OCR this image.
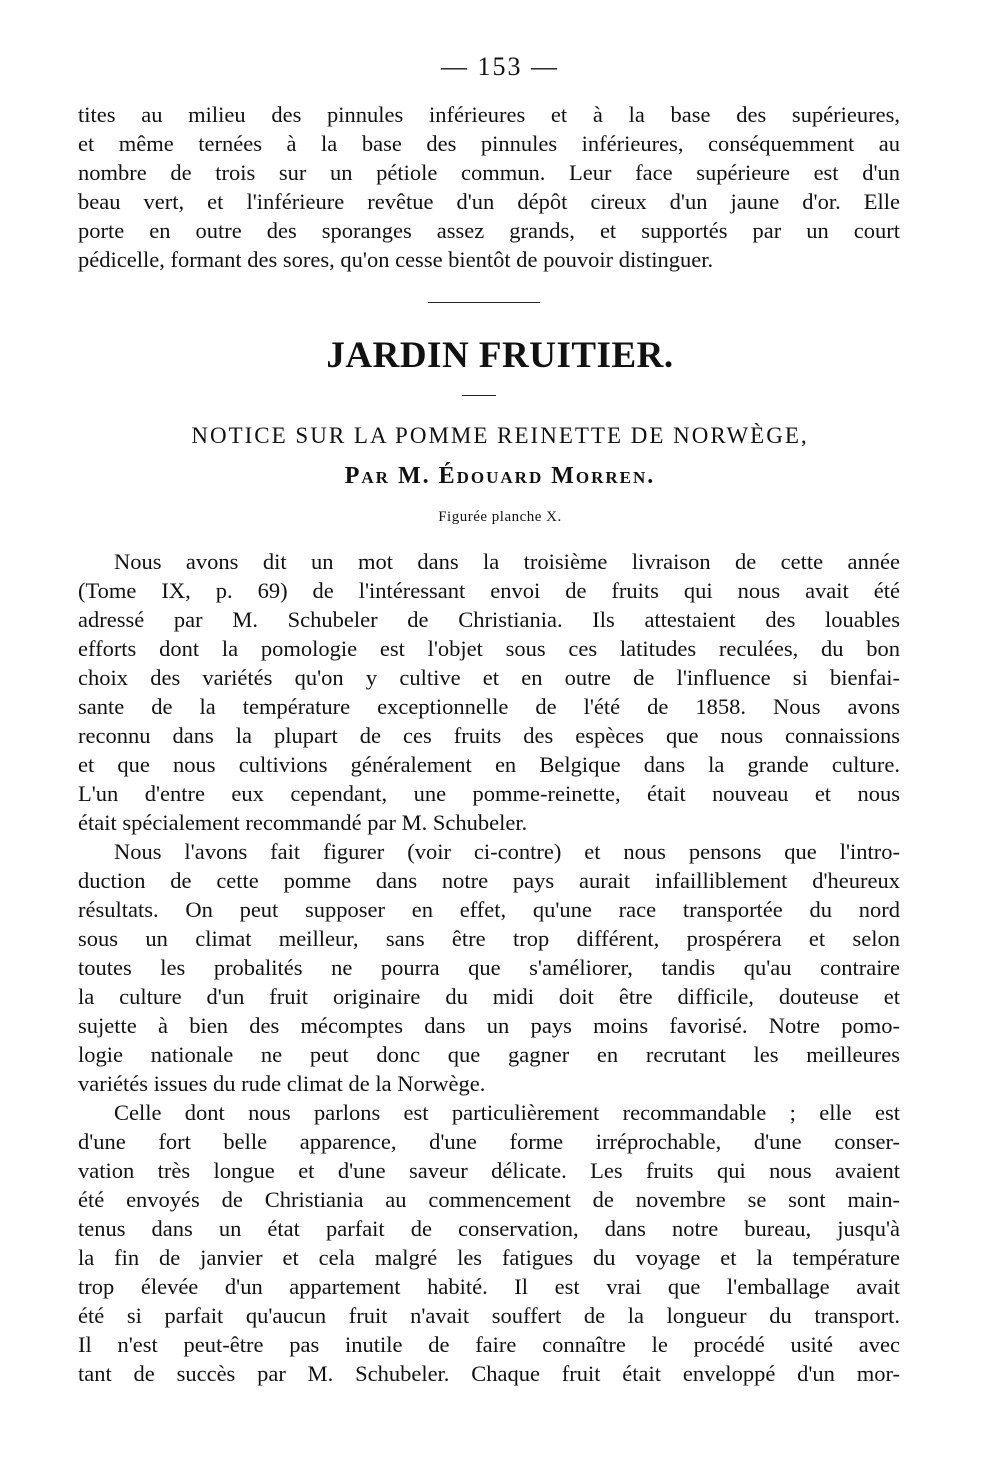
— 153 —
tites au milieu des pinnules inférieures et à la base des supérieures,
et même ternées à la base des pinnules inférieures, conséquemment au
nombre de trois sur un pétiole commun. Leur face supérieure est d'un
beau vert, et l'inférieure revêtue d'un dépôt cireux d'un jaune d'or. Elle
porte en outre des sporanges assez grands, et supportés par un court
pédicelle, formant des sores, qu'on cesse bientôt de pouvoir distinguer.
JARDIN FRUITIER.
NOTICE SUR LA POMME REINETTE DE NORWÈGE,
Par M. Édouard Morren.
Figurée planche X.
Nous avons dit un mot dans la troisième livraison de cette année
(Tome IX, p. 69) de l'intéressant envoi de fruits qui nous avait été
adressé par M. Schubeler de Christiania. Ils attestaient des louables
efforts dont la pomologie est l'objet sous ces latitudes reculées, du bon
choix des variétés qu'on y cultive et en outre de l'influence si bienfai-
sante de la température exceptionnelle de l'été de 1858. Nous avons
reconnu dans la plupart de ces fruits des espèces que nous connaissions
et que nous cultivions généralement en Belgique dans la grande culture.
L'un d'entre eux cependant, une pomme-reinette, était nouveau et nous
était spécialement recommandé par M. Schubeler.
Nous l'avons fait figurer (voir ci-contre) et nous pensons que l'intro-
duction de cette pomme dans notre pays aurait infailliblement d'heureux
résultats. On peut supposer en effet, qu'une race transportée du nord
sous un climat meilleur, sans être trop différent, prospérera et selon
toutes les probalités ne pourra que s'améliorer, tandis qu'au contraire
la culture d'un fruit originaire du midi doit être difficile, douteuse et
sujette à bien des mécomptes dans un pays moins favorisé. Notre pomo-
logie nationale ne peut donc que gagner en recrutant les meilleures
variétés issues du rude climat de la Norwège.
Celle dont nous parlons est particulièrement recommandable ; elle est
d'une fort belle apparence, d'une forme irréprochable, d'une conser-
vation très longue et d'une saveur délicate. Les fruits qui nous avaient
été envoyés de Christiania au commencement de novembre se sont main-
tenus dans un état parfait de conservation, dans notre bureau, jusqu'à
la fin de janvier et cela malgré les fatigues du voyage et la température
trop élevée d'un appartement habité. Il est vrai que l'emballage avait
été si parfait qu'aucun fruit n'avait souffert de la longueur du transport.
Il n'est peut-être pas inutile de faire connaître le procédé usité avec
tant de succès par M. Schubeler. Chaque fruit était enveloppé d'un mor-
